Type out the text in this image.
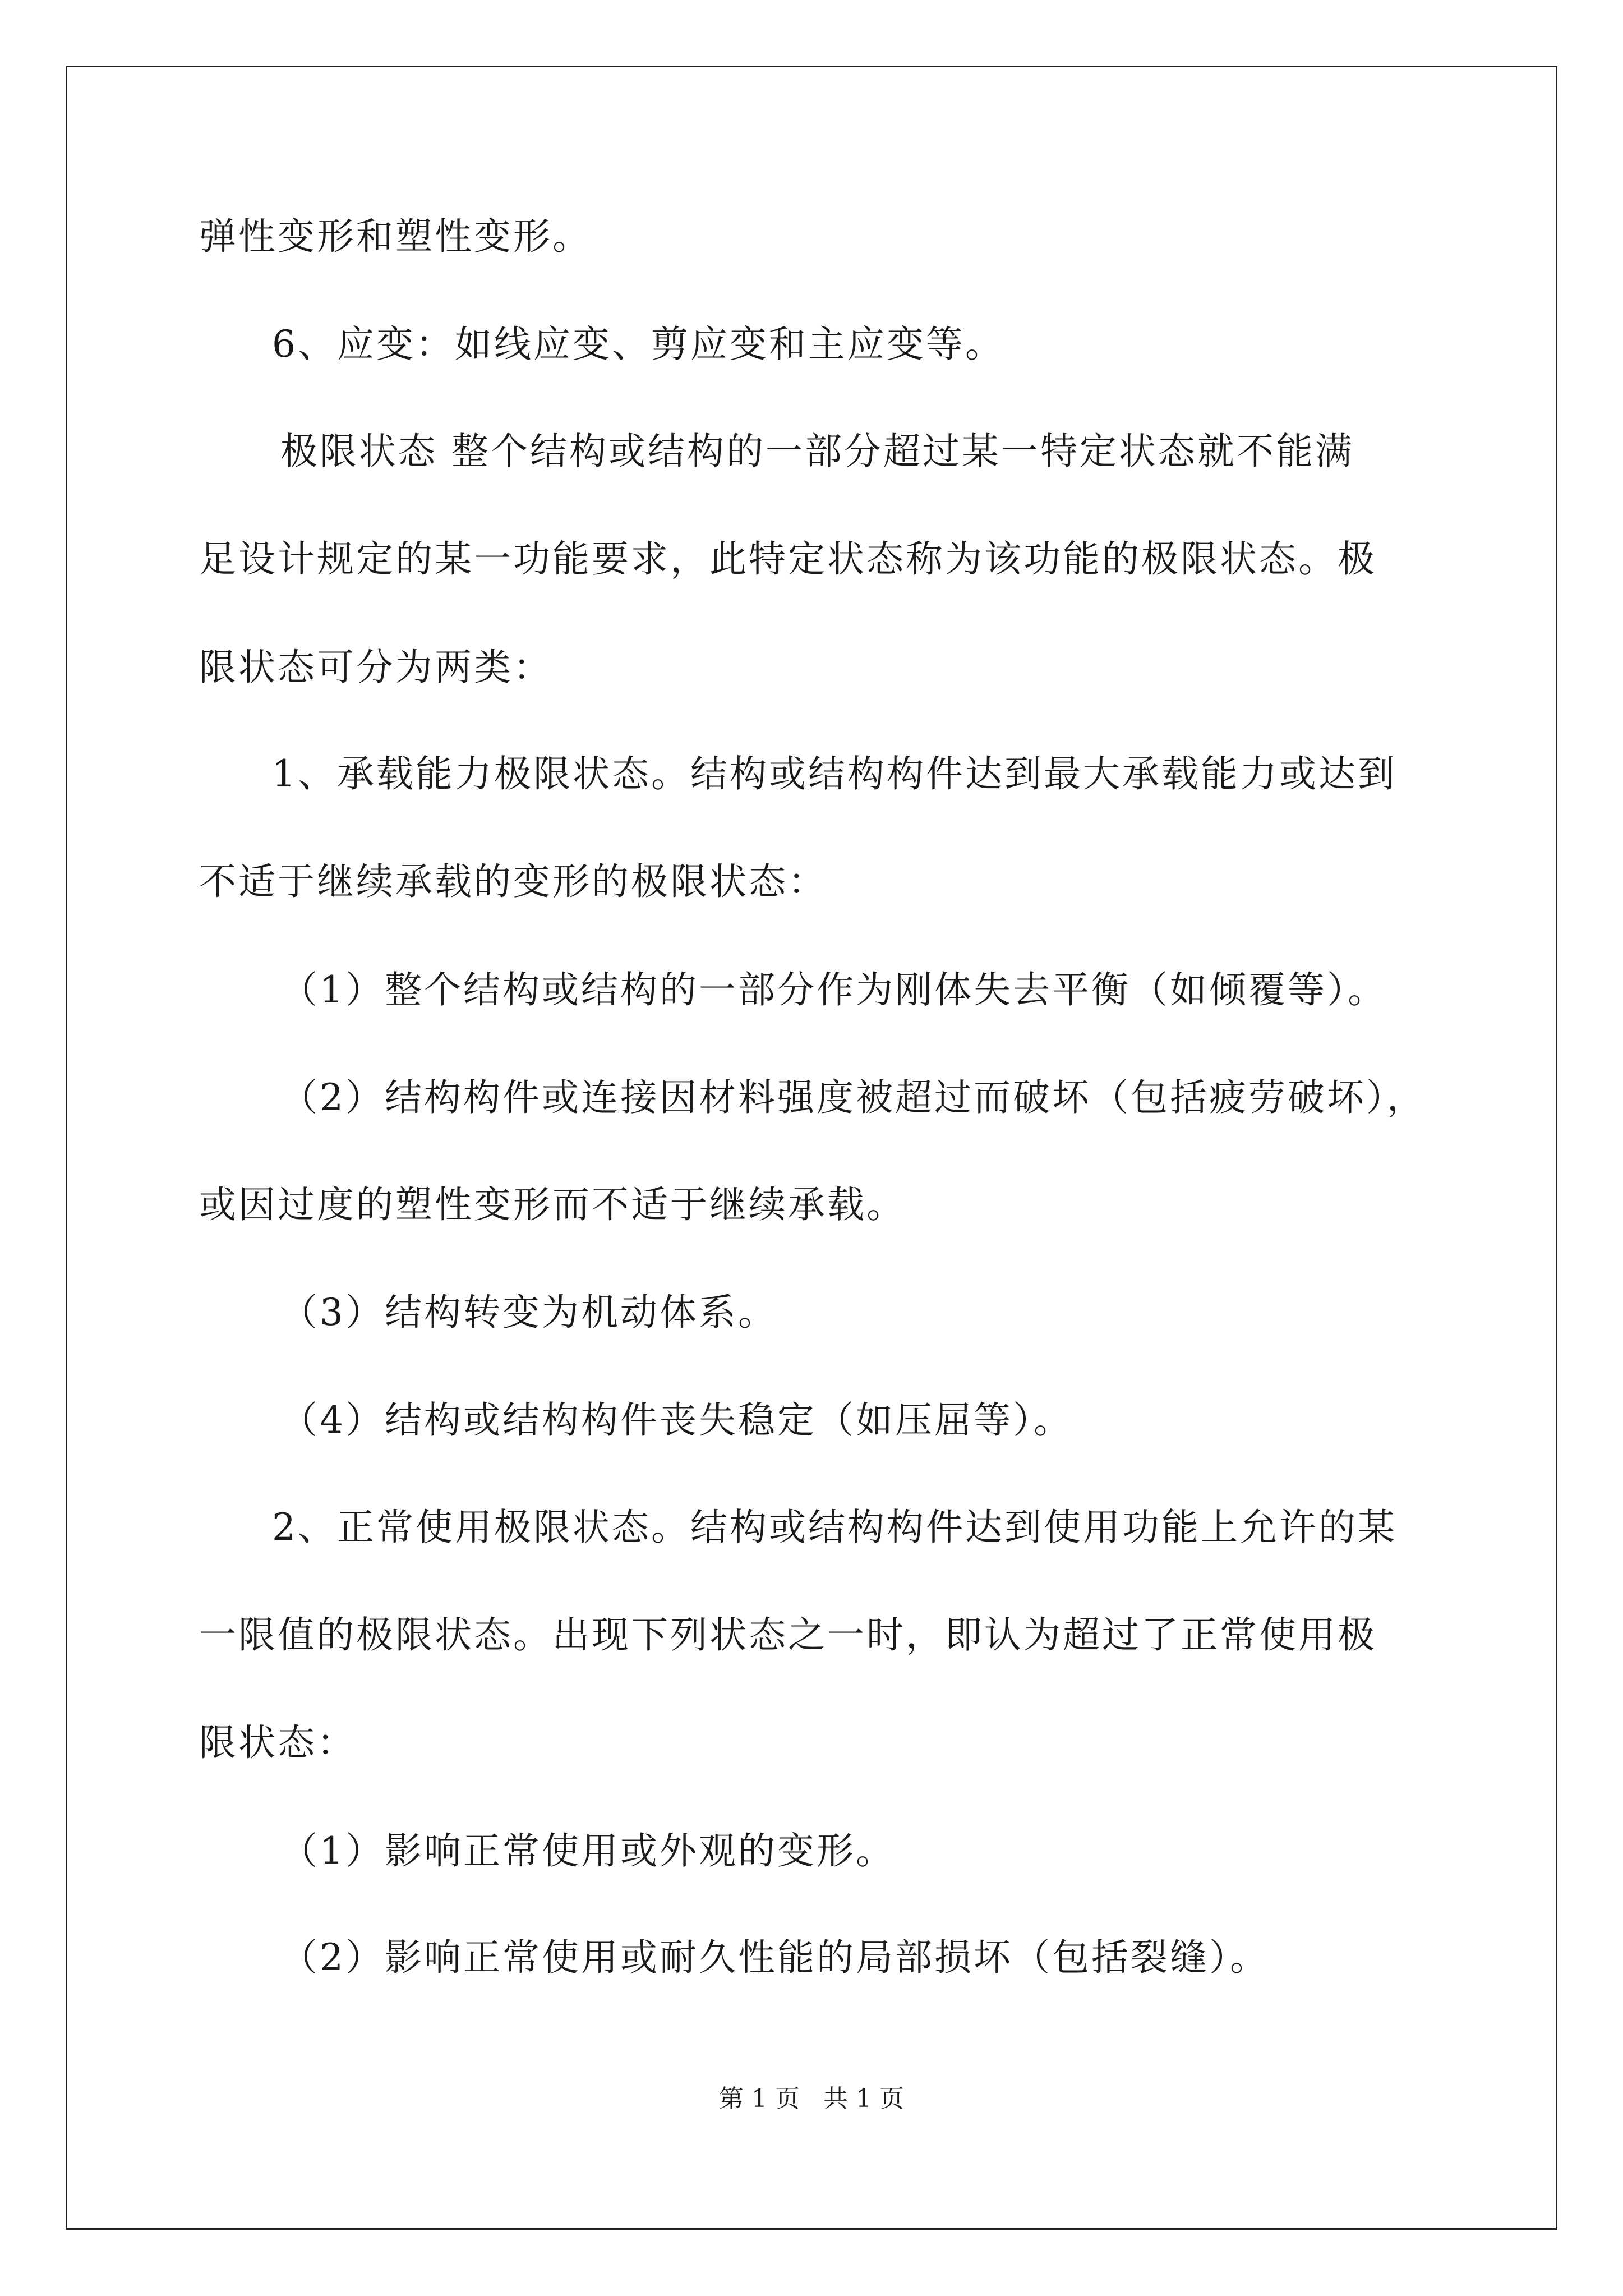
弹性变形和塑性变形。
6、应变：如线应变、剪应变和主应变等。
极限状态 整个结构或结构的一部分超过某一特定状态就不能满
足设计规定的某一功能要求，此特定状态称为该功能的极限状态。极
限状态可分为两类：
1、承载能力极限状态。结构或结构构件达到最大承载能力或达到
不适于继续承载的变形的极限状态：
（1）整个结构或结构的一部分作为刚体失去平衡（如倾覆等）。
（2）结构构件或连接因材料强度被超过而破坏（包括疲劳破坏），
或因过度的塑性变形而不适于继续承载。
（3）结构转变为机动体系。
（4）结构或结构构件丧失稳定（如压屈等）。
2、正常使用极限状态。结构或结构构件达到使用功能上允许的某
一限值的极限状态。出现下列状态之一时，即认为超过了正常使用极
限状态：
（1）影响正常使用或外观的变形。
（2）影响正常使用或耐久性能的局部损坏（包括裂缝）。
第 1 页   共 1 页
